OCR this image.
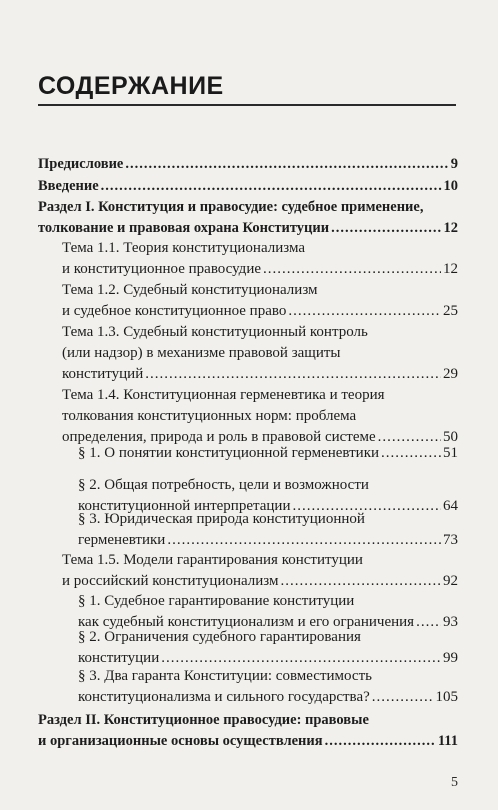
СОДЕРЖАНИЕ
Предисловие .....	9
Введение .....	10
Раздел I. Конституция и правосудие: судебное применение,
толкование и правовая охрана Конституции .....	12
Тема 1.1. Теория конституционализма
и конституционное правосудие .....	12
Тема 1.2. Судебный конституционализм
и судебное конституционное право .....	25
Тема 1.3. Судебный конституционный контроль
(или надзор) в механизме правовой защиты
конституций .....	29
Тема 1.4. Конституционная герменевтика и теория
толкования конституционных норм: проблема
определения, природа и роль в правовой системе .....	50
§ 1. О понятии конституционной герменевтики .....	51
§ 2. Общая потребность, цели и возможности
конституционной интерпретации .....	64
§ 3. Юридическая природа конституционной
герменевтики .....	73
Тема 1.5. Модели гарантирования конституции
и российский конституционализм .....	92
§ 1. Судебное гарантирование конституции
как судебный конституционализм и его ограничения ..... 93
§ 2. Ограничения судебного гарантирования
конституции .....	99
§ 3. Два гаранта Конституции: совместимость
конституционализма и сильного государства? .....	105
Раздел II. Конституционное правосудие: правовые
и организационные основы осуществления .....	111
5
